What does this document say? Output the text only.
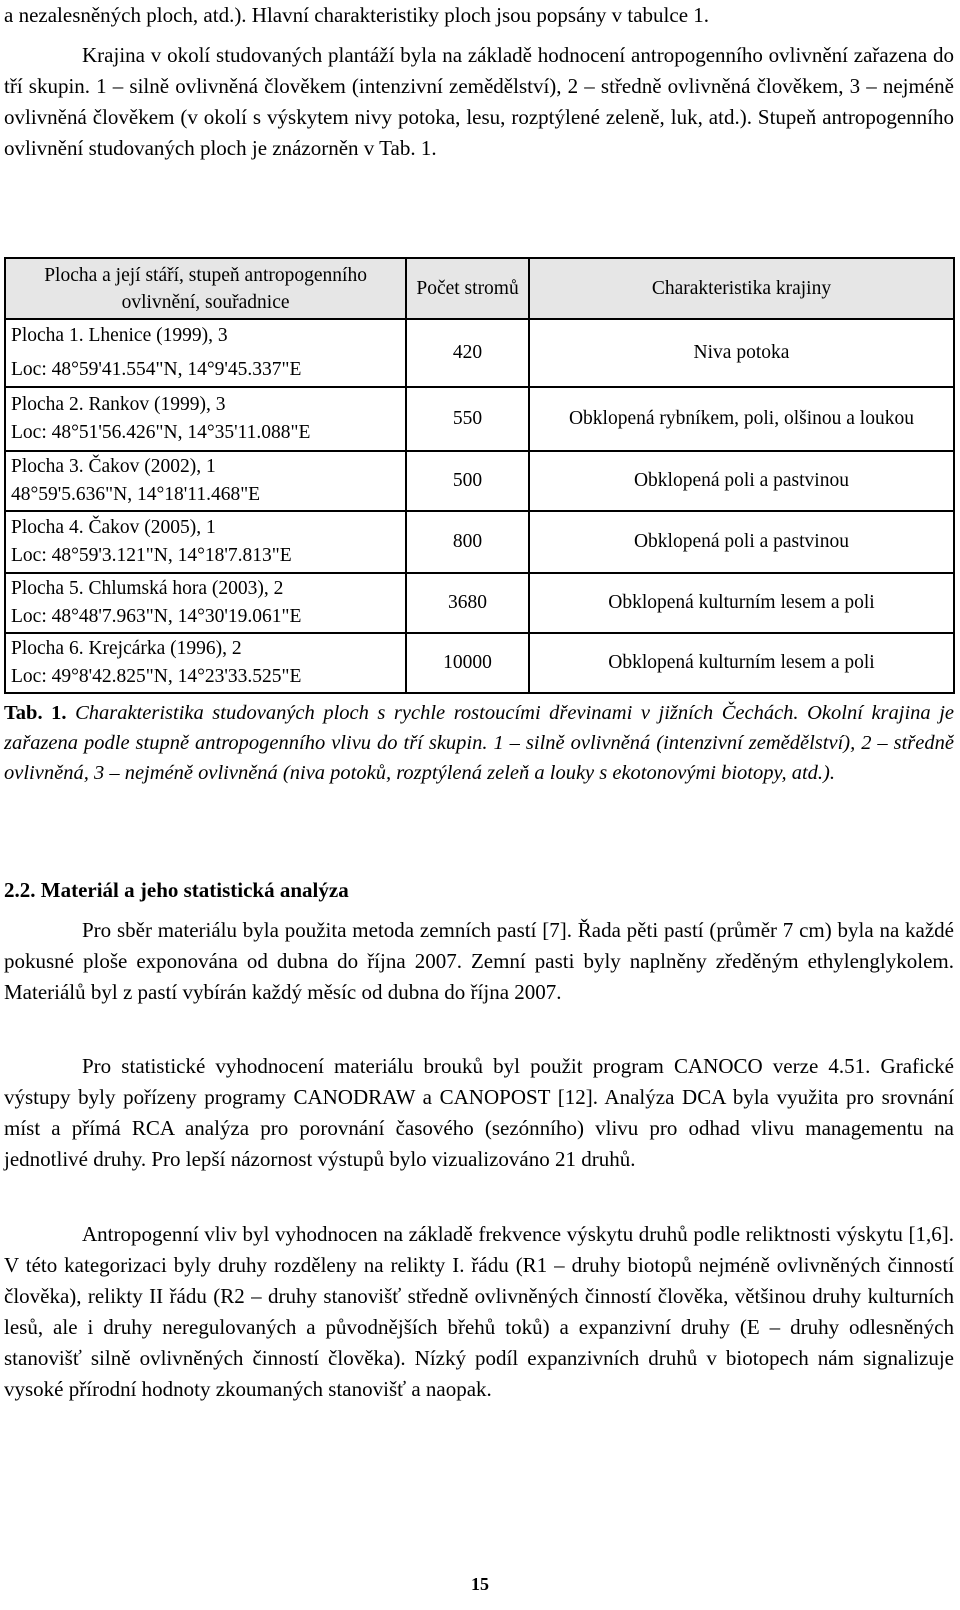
a nezalesněných ploch, atd.). Hlavní charakteristiky ploch jsou popsány v tabulce 1.

Krajina v okolí studovaných plantáží byla na základě hodnocení antropogenního ovlivnění zařazena do tří skupin. 1 – silně ovlivněná člověkem (intenzivní zemědělství), 2 – středně ovlivněná člověkem, 3 – nejméně ovlivněná člověkem (v okolí s výskytem nivy potoka, lesu, rozptýlené zeleně, luk, atd.). Stupeň antropogenního ovlivnění studovaných ploch je znázorněn v Tab. 1.

Plocha a její stáří, stupeň antropogenního ovlivnění, souřadnice	Počet stromů	Charakteristika krajiny

Plocha 1. Lhenice (1999), 3
Loc: 48°59'41.554"N, 14°9'45.337"E	420	Niva potoka

Plocha 2. Rankov (1999), 3
Loc: 48°51'56.426"N, 14°35'11.088"E	550	Obklopená rybníkem, poli, olšinou a loukou

Plocha 3. Čakov (2002), 1
48°59'5.636"N, 14°18'11.468"E	500	Obklopená poli a pastvinou

Plocha 4. Čakov (2005), 1
Loc: 48°59'3.121"N, 14°18'7.813"E	800	Obklopená poli a pastvinou

Plocha 5. Chlumská hora (2003), 2
Loc: 48°48'7.963"N, 14°30'19.061"E	3680	Obklopená kulturním lesem a poli

Plocha 6. Krejcárka (1996), 2
Loc: 49°8'42.825"N, 14°23'33.525"E	10000	Obklopená kulturním lesem a poli

Tab. 1. Charakteristika studovaných ploch s rychle rostoucími dřevinami v jižních Čechách. Okolní krajina je zařazena podle stupně antropogenního vlivu do tří skupin. 1 – silně ovlivněná (intenzivní zemědělství), 2 – středně ovlivněná, 3 – nejméně ovlivněná (niva potoků, rozptýlená zeleň a louky s ekotonovými biotopy, atd.).

2.2. Materiál a jeho statistická analýza

Pro sběr materiálu byla použita metoda zemních pastí [7]. Řada pěti pastí (průměr 7 cm) byla na každé pokusné ploše exponována od dubna do října 2007. Zemní pasti byly naplněny zředěným ethylenglykolem. Materiálů byl z pastí vybírán každý měsíc od dubna do října 2007.

Pro statistické vyhodnocení materiálu brouků byl použit program CANOCO verze 4.51. Grafické výstupy byly pořízeny programy CANODRAW a CANOPOST [12]. Analýza DCA byla využita pro srovnání míst a přímá RCA analýza pro porovnání časového (sezónního) vlivu pro odhad vlivu managementu na jednotlivé druhy. Pro lepší názornost výstupů bylo vizualizováno 21 druhů.

Antropogenní vliv byl vyhodnocen na základě frekvence výskytu druhů podle reliktnosti výskytu [1,6]. V této kategorizaci byly druhy rozděleny na relikty I. řádu (R1 – druhy biotopů nejméně ovlivněných činností člověka), relikty II řádu (R2 – druhy stanovišť středně ovlivněných činností člověka, většinou druhy kulturních lesů, ale i druhy neregulovaných a původnějších břehů toků) a expanzivní druhy (E – druhy odlesněných stanovišť silně ovlivněných činností člověka). Nízký podíl expanzivních druhů v biotopech nám signalizuje vysoké přírodní hodnoty zkoumaných stanovišť a naopak.

15
